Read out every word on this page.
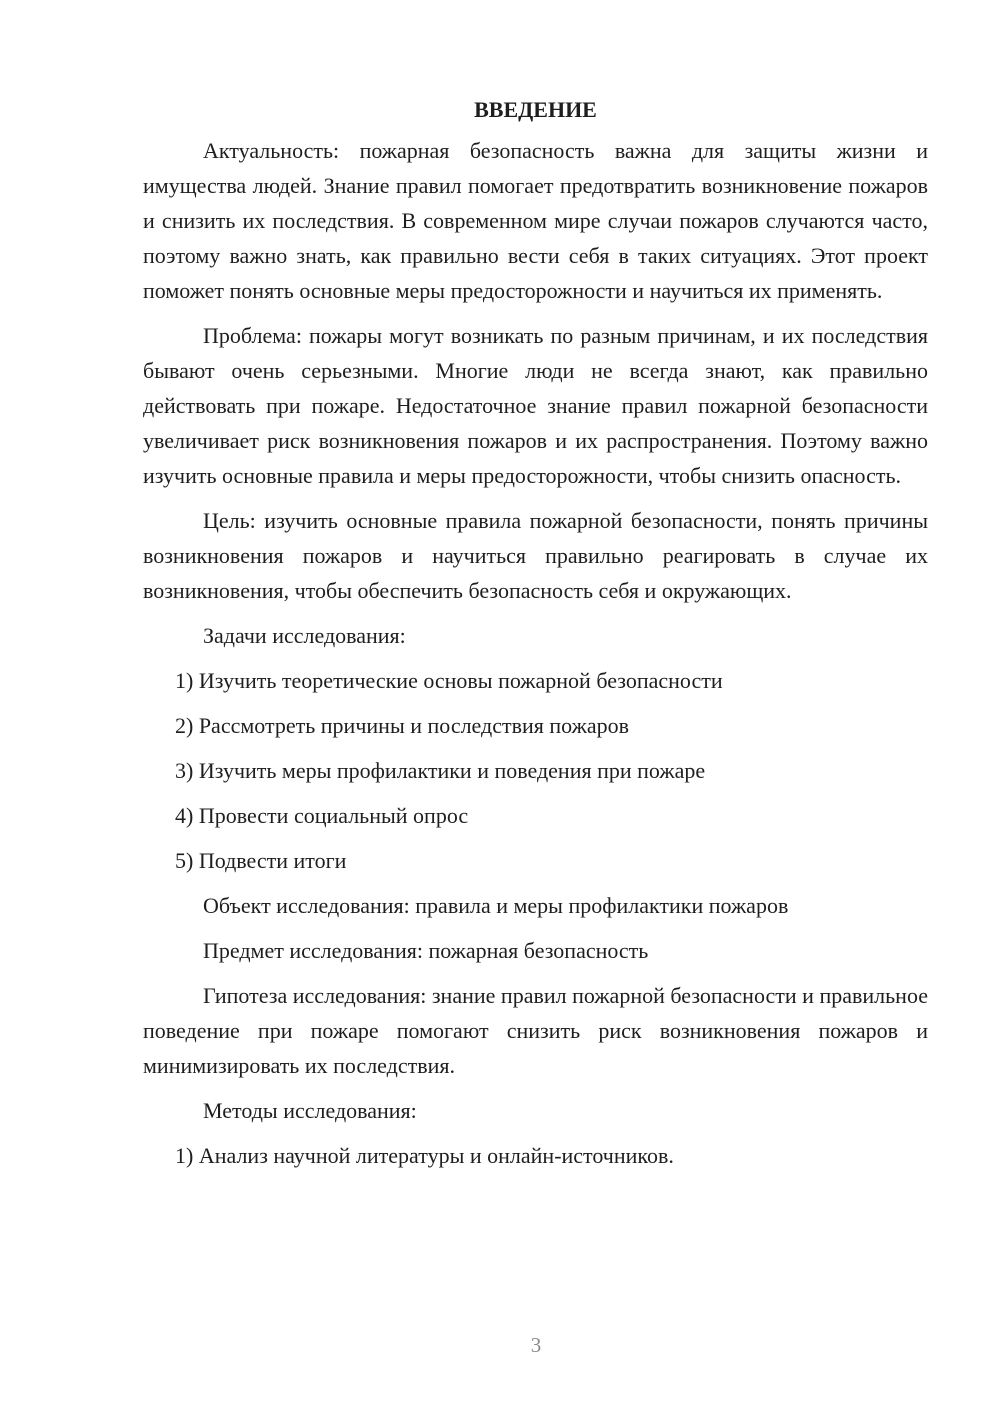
ВВЕДЕНИЕ

Актуальность: пожарная безопасность важна для защиты жизни и имущества людей. Знание правил помогает предотвратить возникновение пожаров и снизить их последствия. В современном мире случаи пожаров случаются часто, поэтому важно знать, как правильно вести себя в таких ситуациях. Этот проект поможет понять основные меры предосторожности и научиться их применять.

Проблема: пожары могут возникать по разным причинам, и их последствия бывают очень серьезными. Многие люди не всегда знают, как правильно действовать при пожаре. Недостаточное знание правил пожарной безопасности увеличивает риск возникновения пожаров и их распространения. Поэтому важно изучить основные правила и меры предосторожности, чтобы снизить опасность.

Цель: изучить основные правила пожарной безопасности, понять причины возникновения пожаров и научиться правильно реагировать в случае их возникновения, чтобы обеспечить безопасность себя и окружающих.

Задачи исследования:
1) Изучить теоретические основы пожарной безопасности
2) Рассмотреть причины и последствия пожаров
3) Изучить меры профилактики и поведения при пожаре
4) Провести социальный опрос
5) Подвести итоги
Объект исследования: правила и меры профилактики пожаров
Предмет исследования: пожарная безопасность

Гипотеза исследования: знание правил пожарной безопасности и правильное поведение при пожаре помогают снизить риск возникновения пожаров и минимизировать их последствия.

Методы исследования:
1) Анализ научной литературы и онлайн-источников.
3
